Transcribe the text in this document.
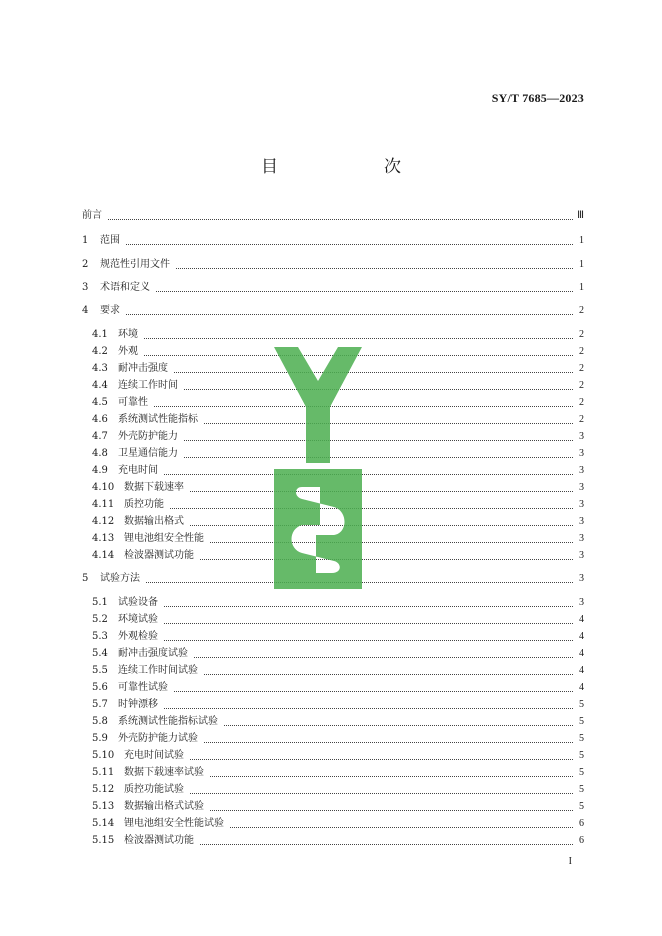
SY/T 7685—2023
目　　次
前言	Ⅲ
1	范围	1
2	规范性引用文件	1
3	术语和定义	1
4	要求	2
4.1	环境	2
4.2	外观	2
4.3	耐冲击强度	2
4.4	连续工作时间	2
4.5	可靠性	2
4.6	系统测试性能指标	2
4.7	外壳防护能力	3
4.8	卫星通信能力	3
4.9	充电时间	3
4.10 数据下载速率	3
4.11 质控功能	3
4.12 数据输出格式	3
4.13 锂电池组安全性能	3
4.14 检波器测试功能	3
5	试验方法	3
5.1	试验设备	3
5.2	环境试验	4
5.3	外观检验	4
5.4	耐冲击强度试验	4
5.5	连续工作时间试验	4
5.6	可靠性试验	4
5.7	时钟漂移	5
5.8	系统测试性能指标试验	5
5.9	外壳防护能力试验	5
5.10 充电时间试验	5
5.11 数据下载速率试验	5
5.12 质控功能试验	5
5.13 数据输出格式试验	5
5.14 锂电池组安全性能试验	6
5.15 检波器测试功能	6
I
